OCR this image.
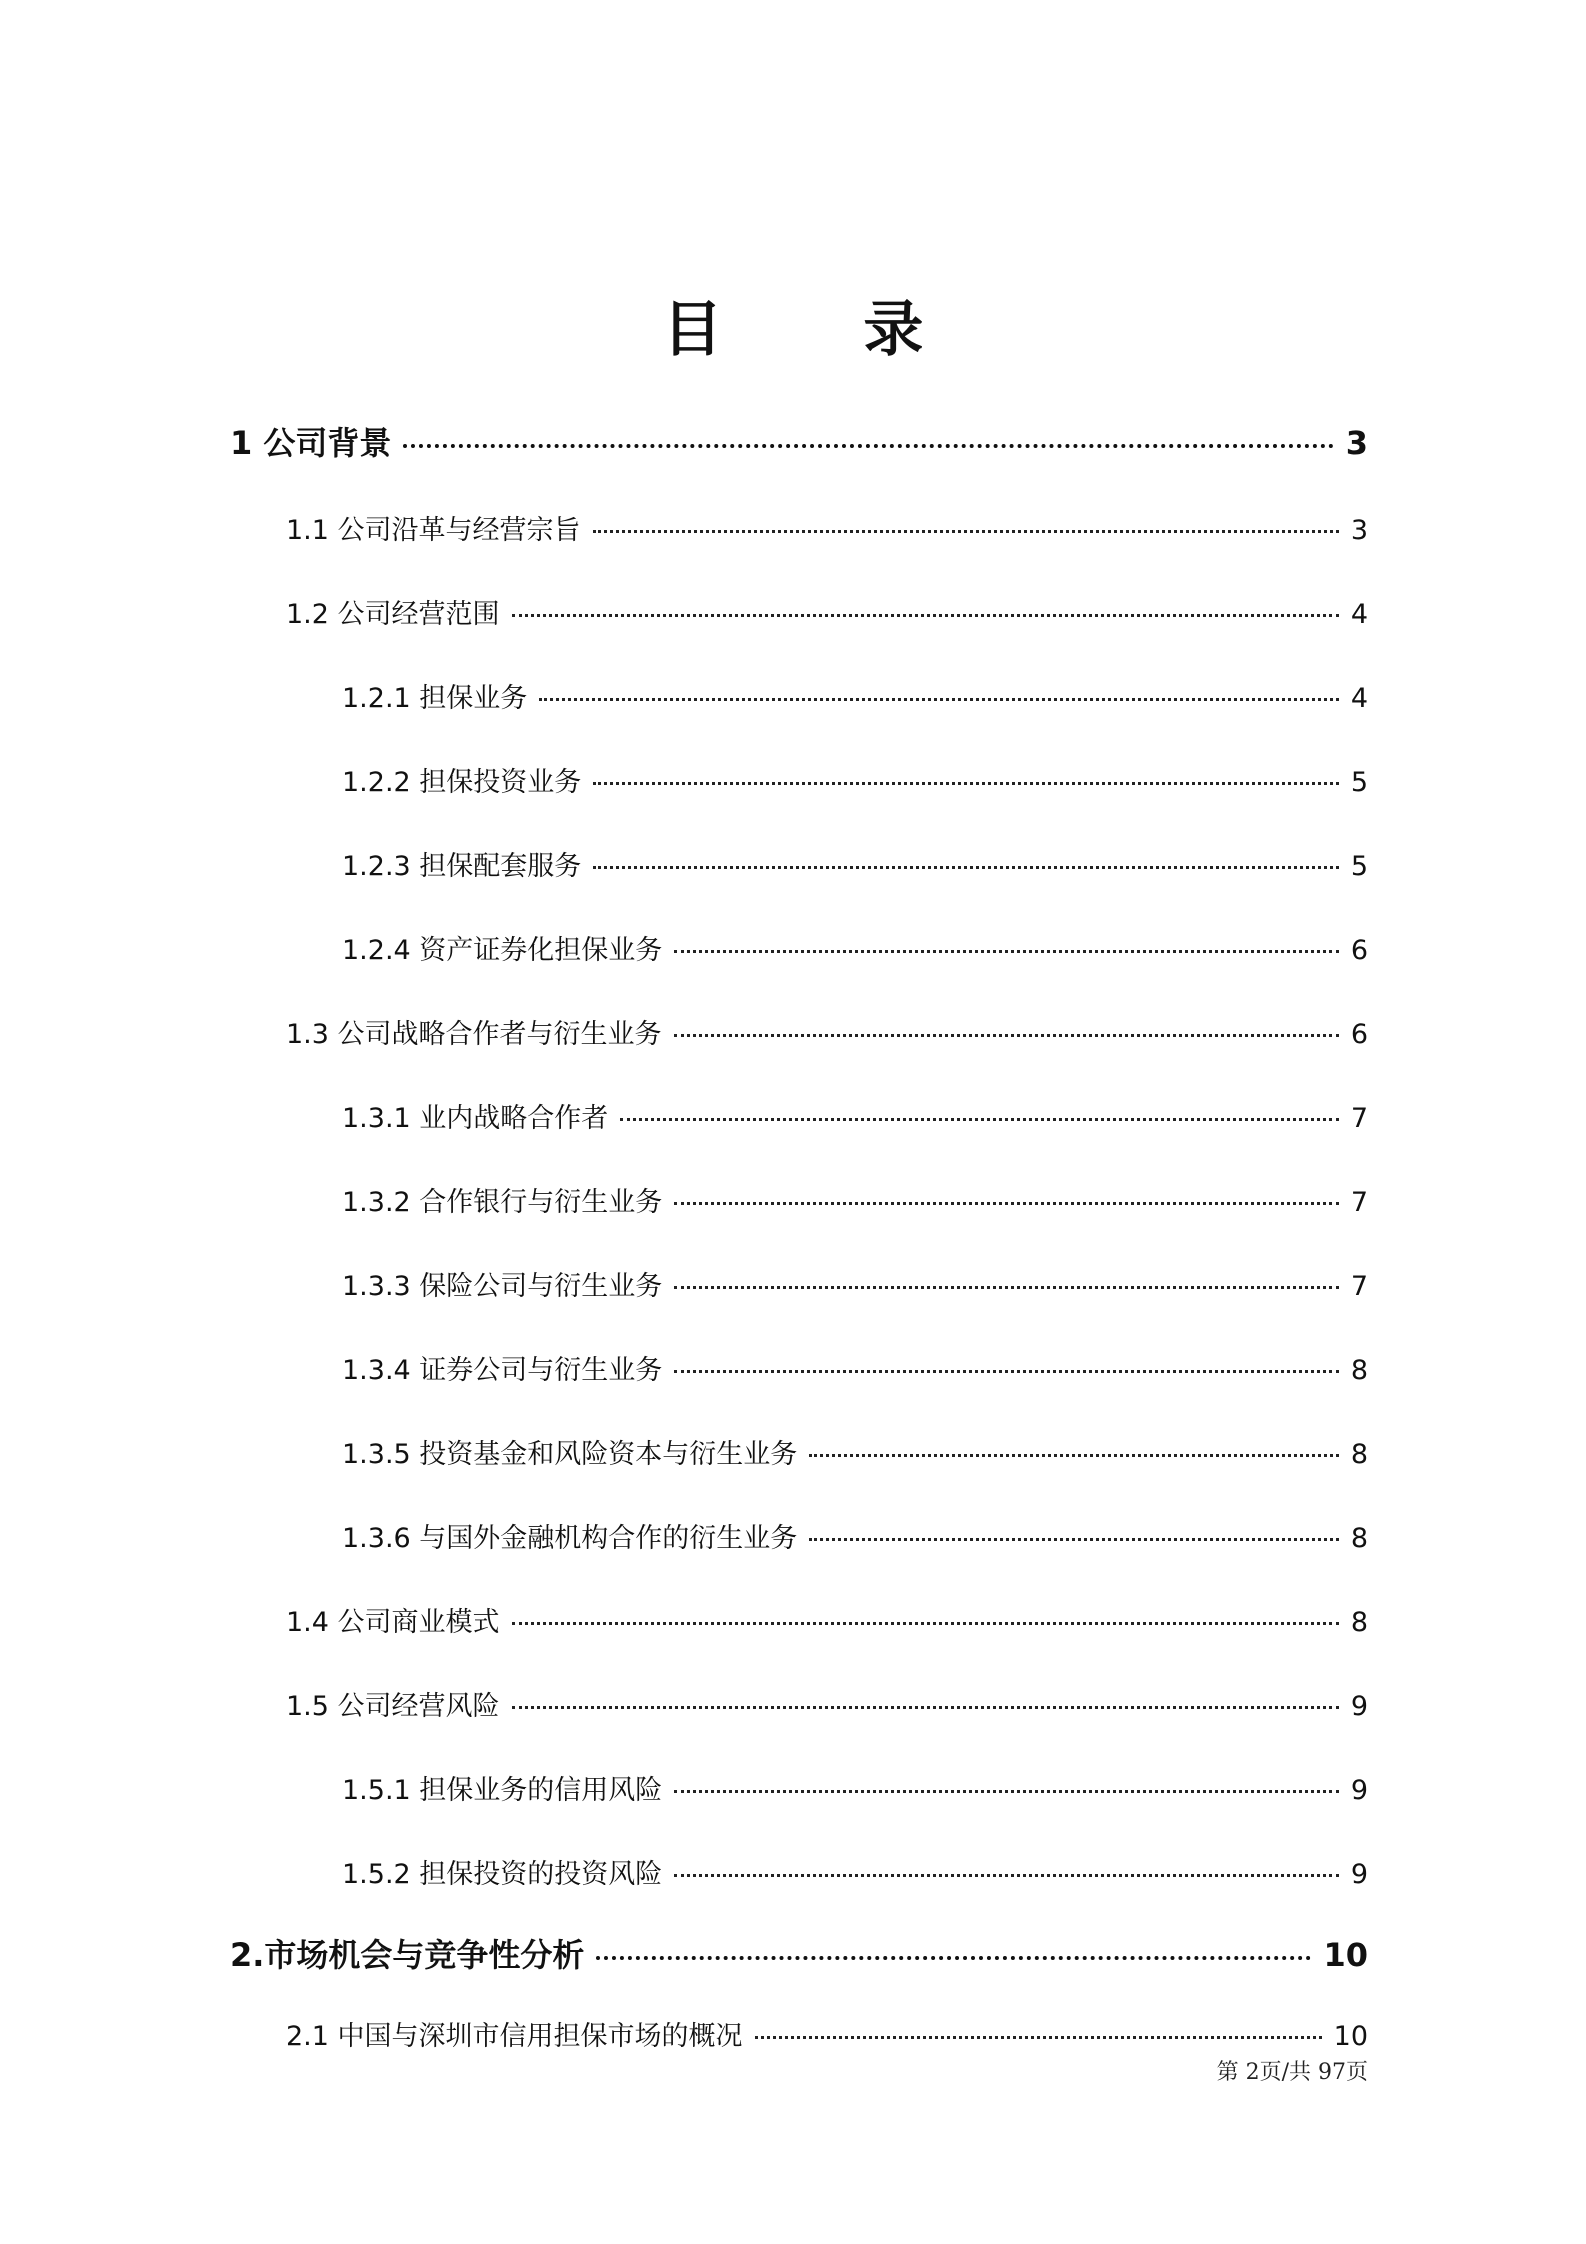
目 录
1 公司背景	3
1.1 公司沿革与经营宗旨	3
1.2 公司经营范围	4
1.2.1 担保业务	4
1.2.2 担保投资业务	5
1.2.3 担保配套服务	5
1.2.4 资产证券化担保业务	6
1.3 公司战略合作者与衍生业务	6
1.3.1 业内战略合作者	7
1.3.2 合作银行与衍生业务	7
1.3.3 保险公司与衍生业务	7
1.3.4 证券公司与衍生业务	8
1.3.5 投资基金和风险资本与衍生业务	8
1.3.6 与国外金融机构合作的衍生业务	8
1.4 公司商业模式	8
1.5 公司经营风险	9
1.5.1 担保业务的信用风险	9
1.5.2 担保投资的投资风险	9
2.市场机会与竞争性分析	10
2.1 中国与深圳市信用担保市场的概况	10
第 2页/共 97页
